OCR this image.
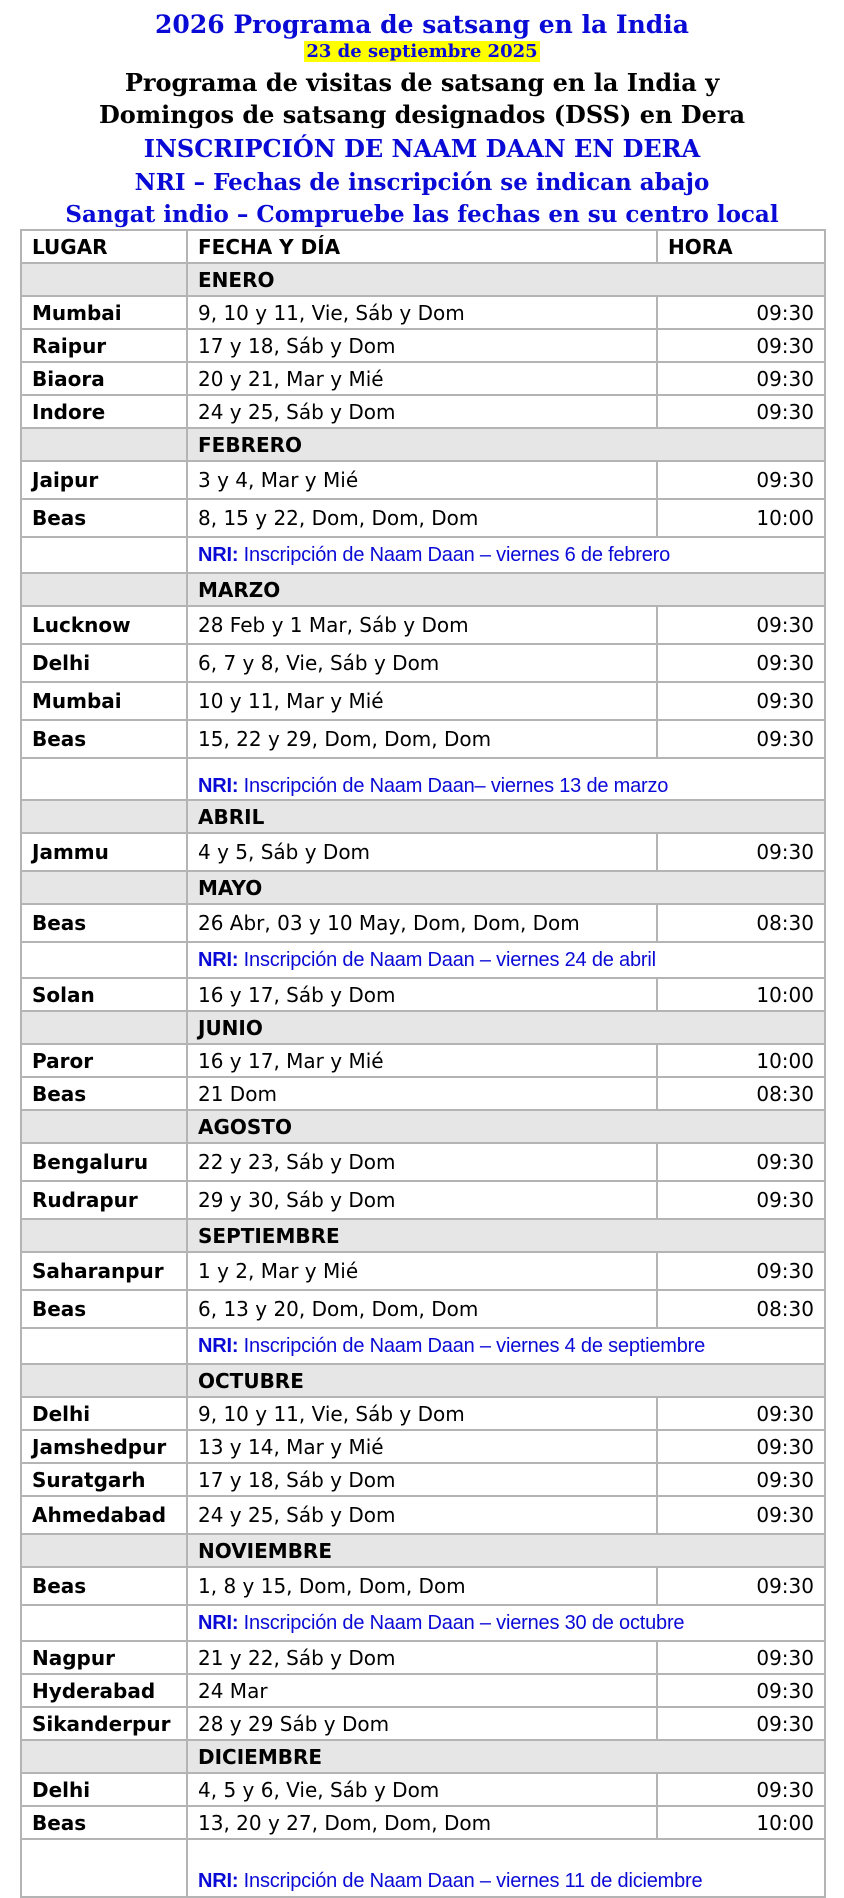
2026 Programa de satsang en la India
23 de septiembre 2025
Programa de visitas de satsang en la India y
Domingos de satsang designados (DSS) en Dera
INSCRIPCIÓN DE NAAM DAAN EN DERA
NRI – Fechas de inscripción se indican abajo
Sangat indio – Compruebe las fechas en su centro local
LUGAR	FECHA Y DÍA	HORA
	ENERO	
Mumbai	9, 10 y 11, Vie, Sáb y Dom	09:30
Raipur	17 y 18, Sáb y Dom	09:30
Biaora	20 y 21, Mar y Mié	09:30
Indore	24 y 25, Sáb y Dom	09:30
	FEBRERO	
Jaipur	3 y 4, Mar y Mié	09:30
Beas	8, 15 y 22, Dom, Dom, Dom	10:00
	NRI: Inscripción de Naam Daan – viernes 6 de febrero	
	MARZO	
Lucknow	28 Feb y 1 Mar, Sáb y Dom	09:30
Delhi	6, 7 y 8, Vie, Sáb y Dom	09:30
Mumbai	10 y 11, Mar y Mié	09:30
Beas	15, 22 y 29, Dom, Dom, Dom	09:30
	NRI: Inscripción de Naam Daan– viernes 13 de marzo	
	ABRIL	
Jammu	4 y 5, Sáb y Dom	09:30
	MAYO	
Beas	26 Abr, 03 y 10 May, Dom, Dom, Dom	08:30
	NRI: Inscripción de Naam Daan – viernes 24 de abril	
Solan	16 y 17, Sáb y Dom	10:00
	JUNIO	
Paror	16 y 17, Mar y Mié	10:00
Beas	21 Dom	08:30
	AGOSTO	
Bengaluru	22 y 23, Sáb y Dom	09:30
Rudrapur	29 y 30, Sáb y Dom	09:30
	SEPTIEMBRE	
Saharanpur	1 y 2, Mar y Mié	09:30
Beas	6, 13 y 20, Dom, Dom, Dom	08:30
	NRI: Inscripción de Naam Daan – viernes 4 de septiembre	
	OCTUBRE	
Delhi	9, 10 y 11, Vie, Sáb y Dom	09:30
Jamshedpur	13 y 14, Mar y Mié	09:30
Suratgarh	17 y 18, Sáb y Dom	09:30
Ahmedabad	24 y 25, Sáb y Dom	09:30
	NOVIEMBRE	
Beas	1, 8 y 15, Dom, Dom, Dom	09:30
	NRI: Inscripción de Naam Daan – viernes 30 de octubre	
Nagpur	21 y 22, Sáb y Dom	09:30
Hyderabad	24 Mar	09:30
Sikanderpur	28 y 29 Sáb y Dom	09:30
	DICIEMBRE	
Delhi	4, 5 y 6, Vie, Sáb y Dom	09:30
Beas	13, 20 y 27, Dom, Dom, Dom	10:00
	NRI: Inscripción de Naam Daan – viernes 11 de diciembre	
